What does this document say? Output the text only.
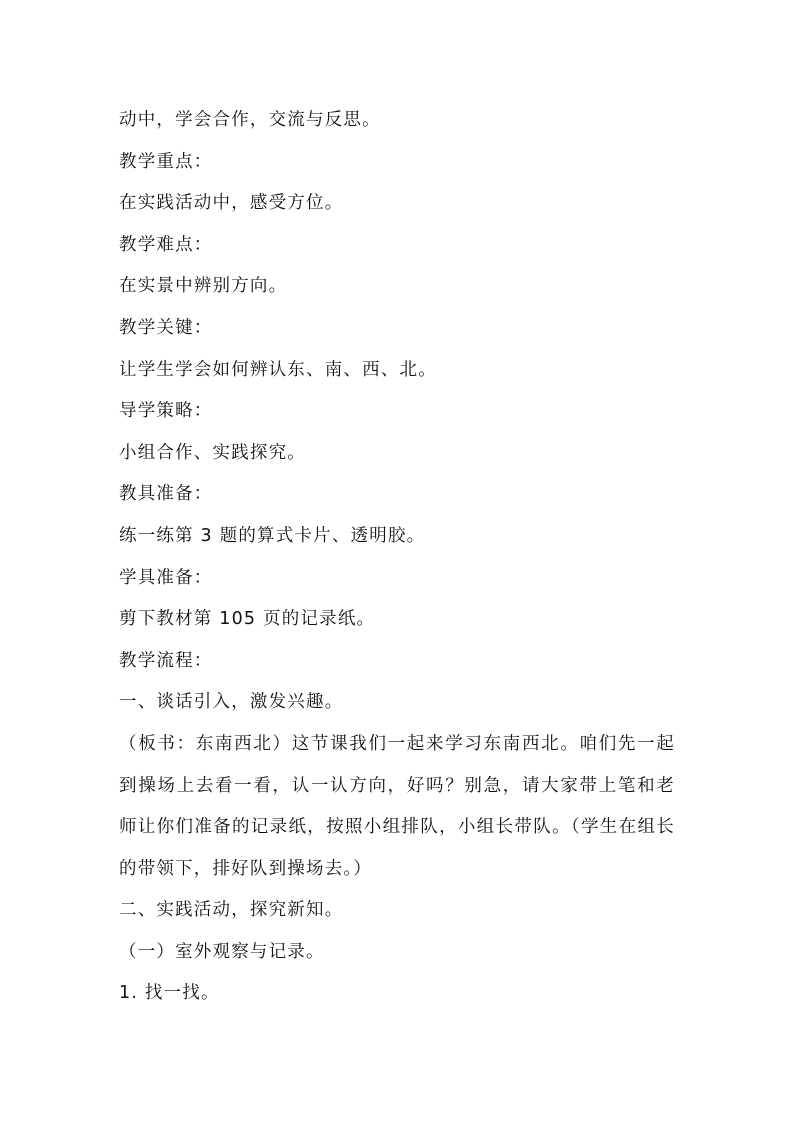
动中，学会合作，交流与反思。
教学重点：
在实践活动中，感受方位。
教学难点：
在实景中辨别方向。
教学关键：
让学生学会如何辨认东、南、西、北。
导学策略：
小组合作、实践探究。
教具准备：
练一练第 3 题的算式卡片、透明胶。
学具准备：
剪下教材第 105 页的记录纸。
教学流程：
一、谈话引入，激发兴趣。
（板书：东南西北）这节课我们一起来学习东南西北。咱们先一起到操场上去看一看，认一认方向，好吗？别急，请大家带上笔和老师让你们准备的记录纸，按照小组排队，小组长带队。（学生在组长的带领下，排好队到操场去。）
二、实践活动，探究新知。
（一）室外观察与记录。
1. 找一找。
